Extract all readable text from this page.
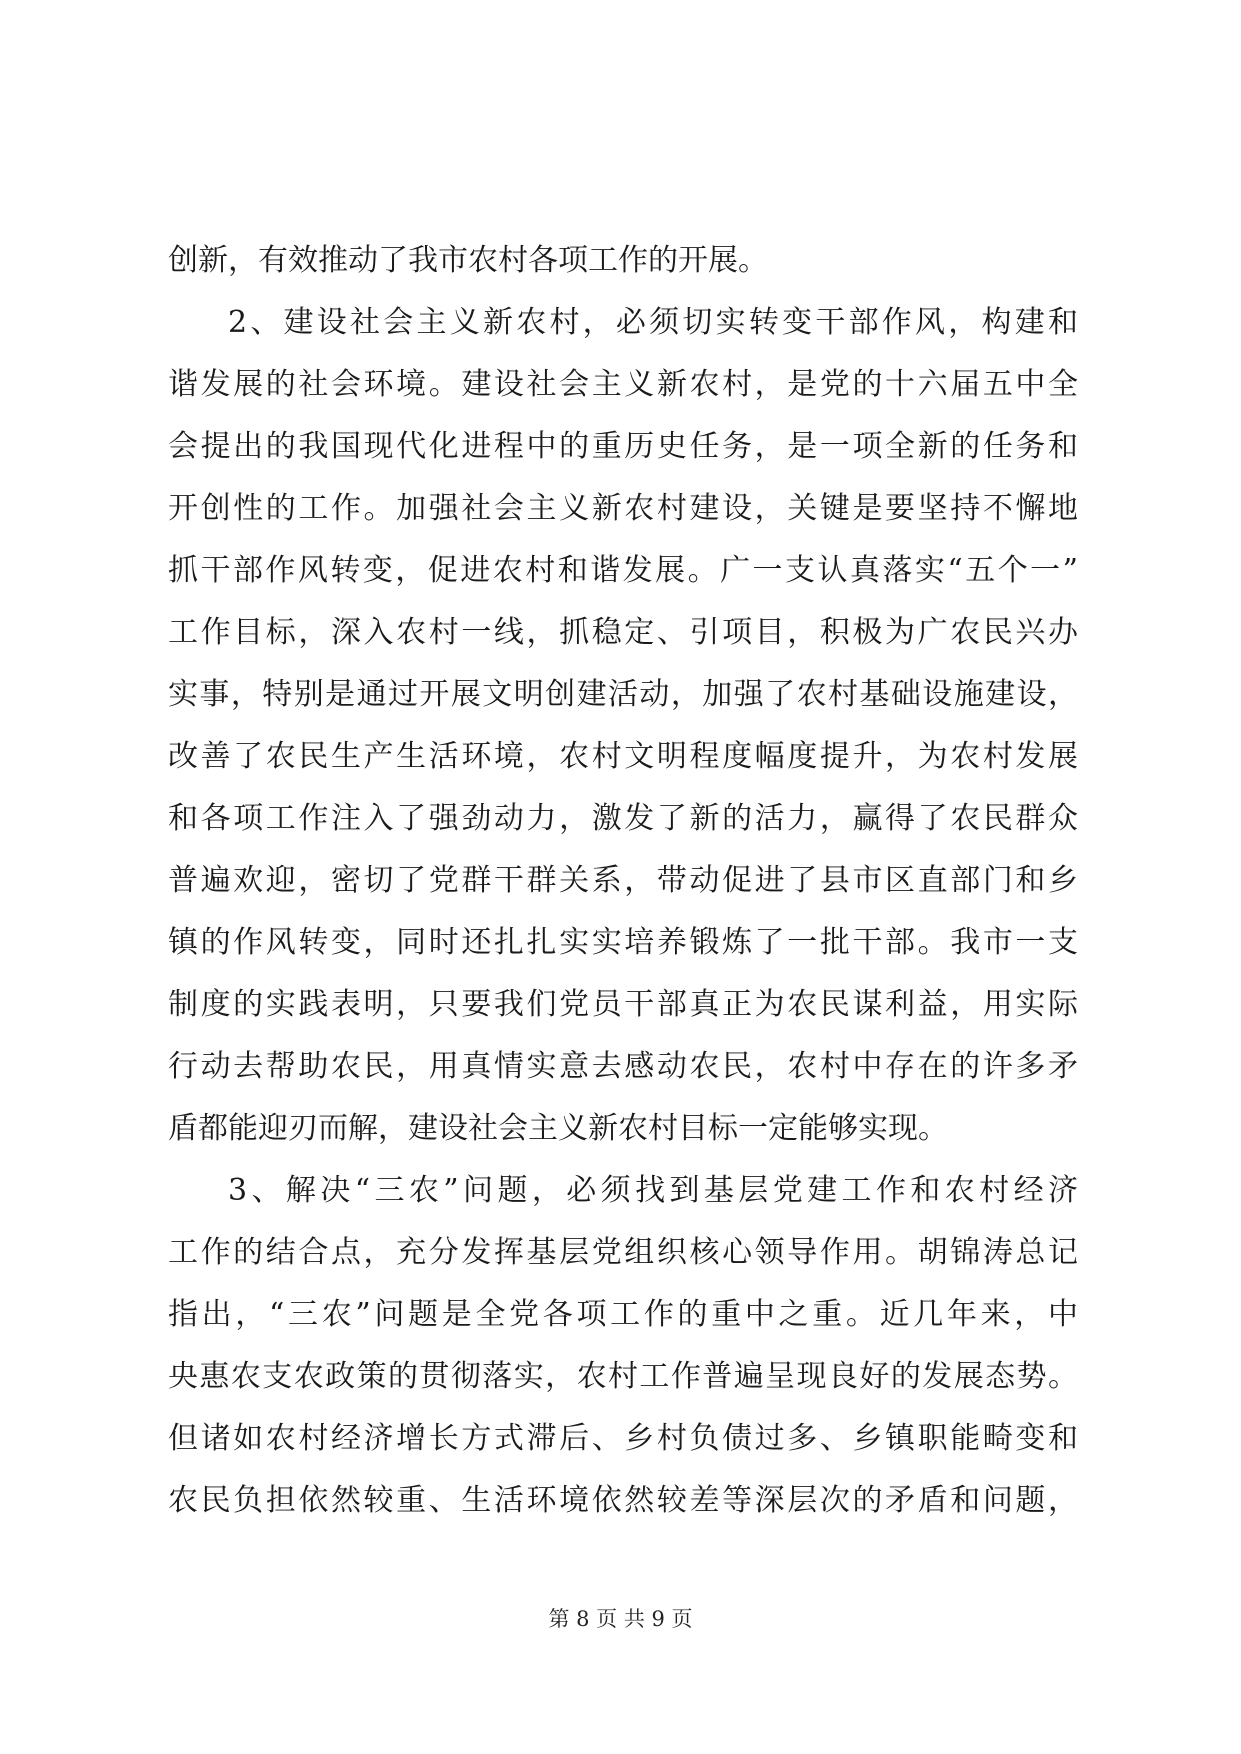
创新，有效推动了我市农村各项工作的开展。
2、建设社会主义新农村，必须切实转变干部作风，构建和
谐发展的社会环境。建设社会主义新农村，是党的十六届五中全
会提出的我国现代化进程中的重历史任务，是一项全新的任务和
开创性的工作。加强社会主义新农村建设，关键是要坚持不懈地
抓干部作风转变，促进农村和谐发展。广一支认真落实“五个一”
工作目标，深入农村一线，抓稳定、引项目，积极为广农民兴办
实事，特别是通过开展文明创建活动，加强了农村基础设施建设，
改善了农民生产生活环境，农村文明程度幅度提升，为农村发展
和各项工作注入了强劲动力，激发了新的活力，赢得了农民群众
普遍欢迎，密切了党群干群关系，带动促进了县市区直部门和乡
镇的作风转变，同时还扎扎实实培养锻炼了一批干部。我市一支
制度的实践表明，只要我们党员干部真正为农民谋利益，用实际
行动去帮助农民，用真情实意去感动农民，农村中存在的许多矛
盾都能迎刃而解，建设社会主义新农村目标一定能够实现。
3、解决“三农”问题，必须找到基层党建工作和农村经济
工作的结合点，充分发挥基层党组织核心领导作用。胡锦涛总记
指出，“三农”问题是全党各项工作的重中之重。近几年来，中
央惠农支农政策的贯彻落实，农村工作普遍呈现良好的发展态势。
但诸如农村经济增长方式滞后、乡村负债过多、乡镇职能畸变和
农民负担依然较重、生活环境依然较差等深层次的矛盾和问题，
第 8 页 共 9 页
